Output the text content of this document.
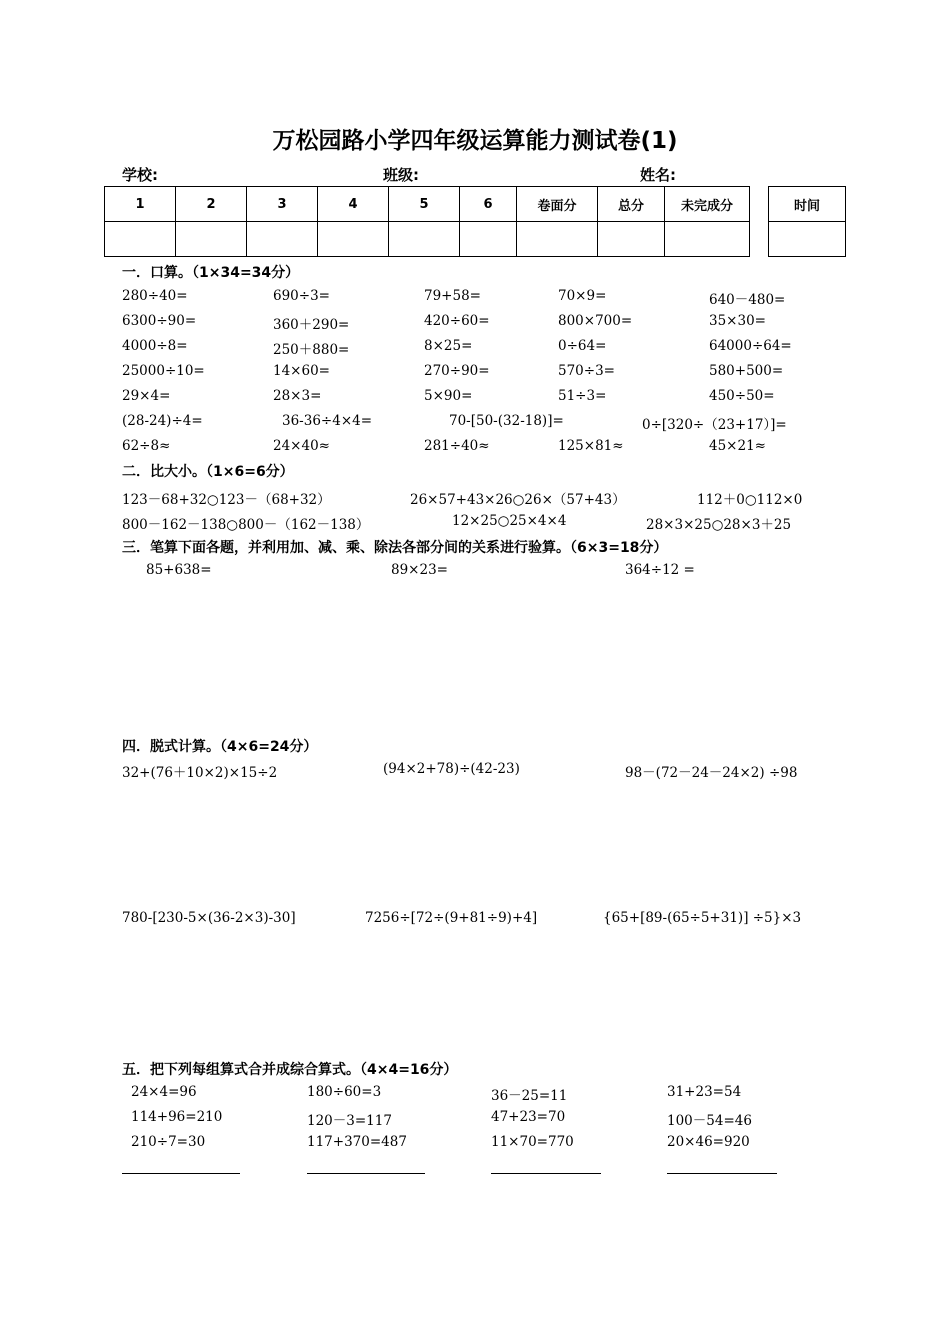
万松园路小学四年级运算能力测试卷(1)
学校:	班级:	姓名:
1	2	3	4	5	6	卷面分	总分	未完成分
									时间

一．口算。（1×34=34分）
280÷40=	690÷3=	79+58=	70×9=	640－480=
6300÷90=	360＋290=	420÷60=	800×700=	35×30=
4000÷8=	250＋880=	8×25=	0÷64=	64000÷64=
25000÷10=	14×60=	270÷90=	570÷3=	580+500=
29×4=	28×3=	5×90=	51÷3=	450÷50=
(28-24)÷4=	36-36÷4×4=	70-[50-(32-18)]=	0÷[320÷（23+17）]=
62÷8≈	24×40≈	281÷40≈	125×81≈	45×21≈
二．比大小。（1×6=6分）
123－68+32○123－（68+32）	26×57+43×26○26×（57+43）	112＋0○112×0
800－162－138○800－（162－138）	12×25○25×4×4	28×3×25○28×3＋25
三．笔算下面各题，并利用加、减、乘、除法各部分间的关系进行验算。（6×3=18分）
85+638=	89×23=	364÷12 =
四．脱式计算。（4×6=24分）
32+(76＋10×2)×15÷2	(94×2+78)÷(42-23)	98－(72－24－24×2) ÷98
780-[230-5×(36-2×3)-30]	7256÷[72÷(9+81÷9)+4]	{65+[89-(65÷5+31)] ÷5}×3
五．把下列每组算式合并成综合算式。（4×4=16分）
24×4=96
114+96=210
210÷7=30
180÷60=3
120－3=117
117+370=487
36－25=11
47+23=70
11×70=770
31+23=54
100－54=46
20×46=920
